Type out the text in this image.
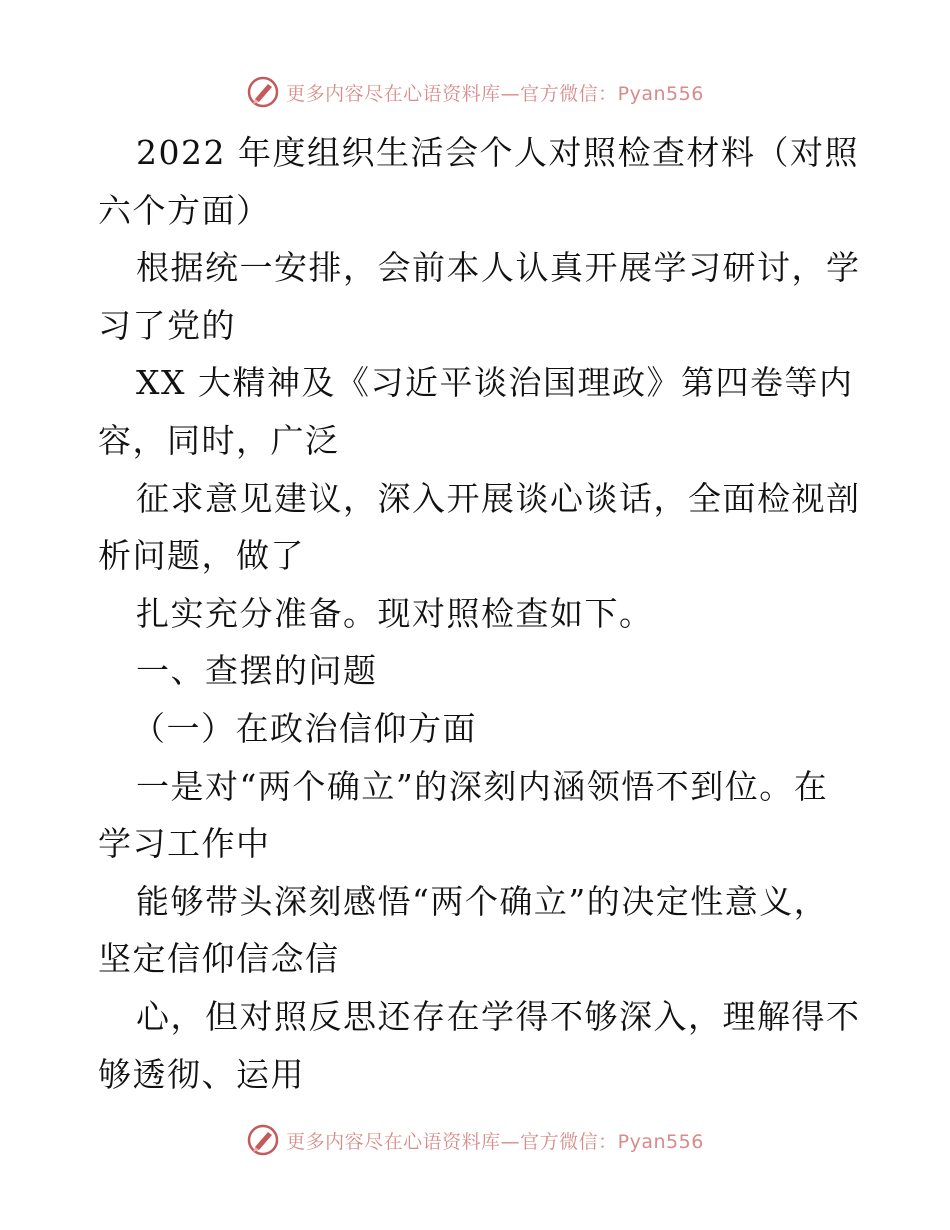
更多内容尽在心语资料库—官方微信：Pyan556
2022 年度组织生活会个人对照检查材料（对照
六个方面）
根据统一安排，会前本人认真开展学习研讨，学
习了党的
XX 大精神及《习近平谈治国理政》第四卷等内
容，同时，广泛
征求意见建议，深入开展谈心谈话，全面检视剖
析问题，做了
扎实充分准备。现对照检查如下。
一、查摆的问题
（一）在政治信仰方面
一是对“两个确立”的深刻内涵领悟不到位。在
学习工作中
能够带头深刻感悟“两个确立”的决定性意义，
坚定信仰信念信
心，但对照反思还存在学得不够深入，理解得不
够透彻、运用
更多内容尽在心语资料库—官方微信：Pyan556
